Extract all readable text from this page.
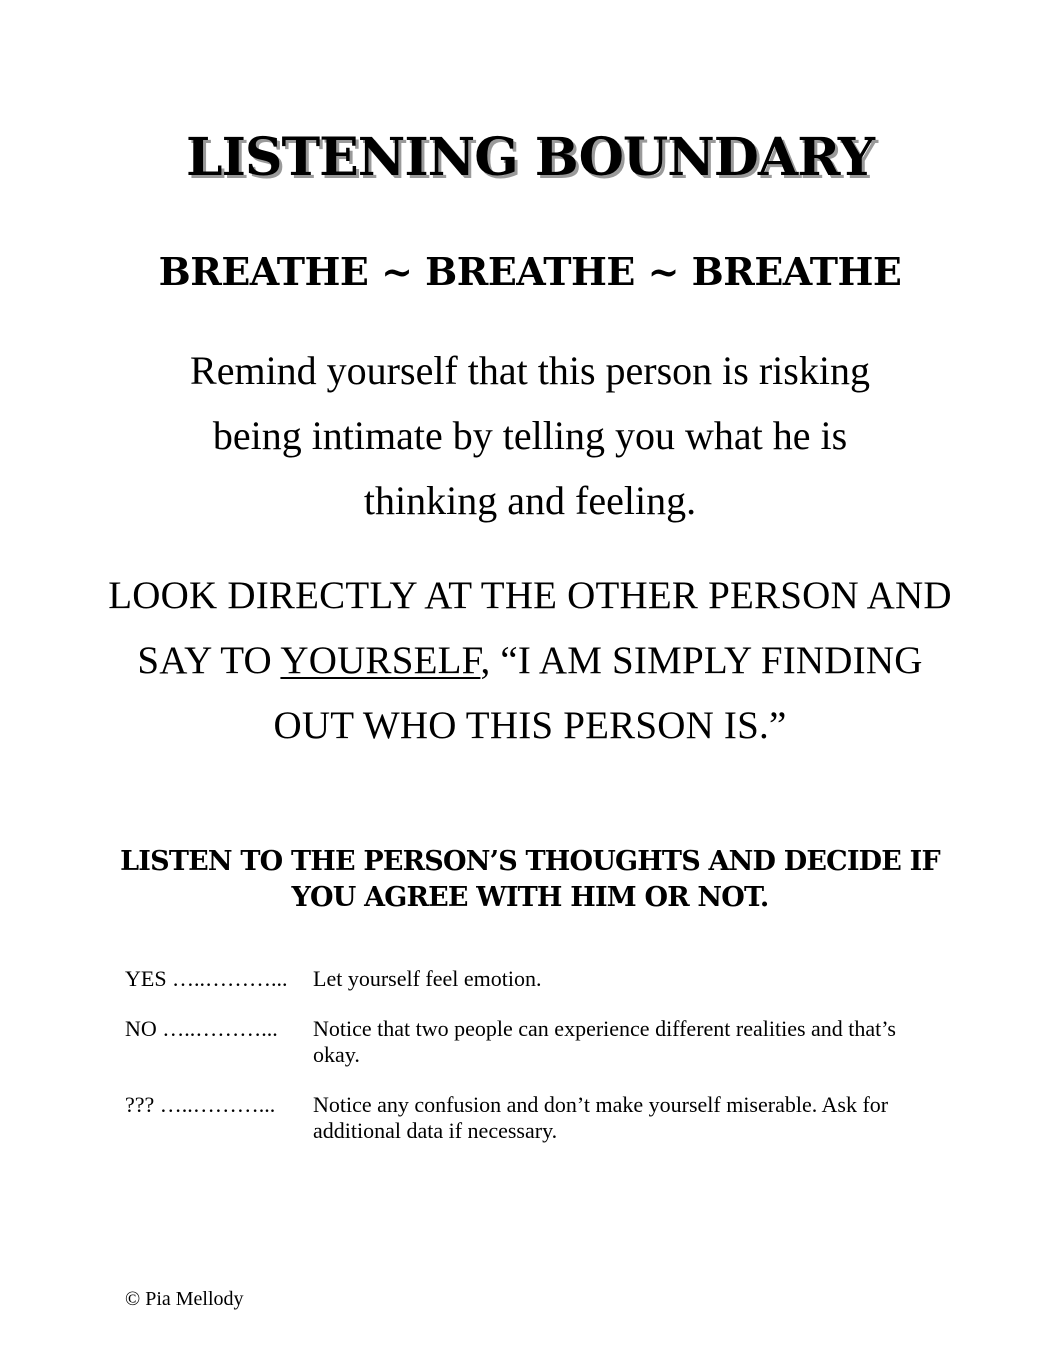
LISTENING BOUNDARY
BREATHE ~ BREATHE ~ BREATHE
Remind yourself that this person is risking
being intimate by telling you what he is
thinking and feeling.
LOOK DIRECTLY AT THE OTHER PERSON AND
SAY TO YOURSELF, “I AM SIMPLY FINDING
OUT WHO THIS PERSON IS.”
LISTEN TO THE PERSON’S THOUGHTS AND DECIDE IF
YOU AGREE WITH HIM OR NOT.
YES …..………...	Let yourself feel emotion.
NO …..………...	Notice that two people can experience different realities and that’s okay.
??? …..………...	Notice any confusion and don’t make yourself miserable. Ask for additional data if necessary.
© Pia Mellody
